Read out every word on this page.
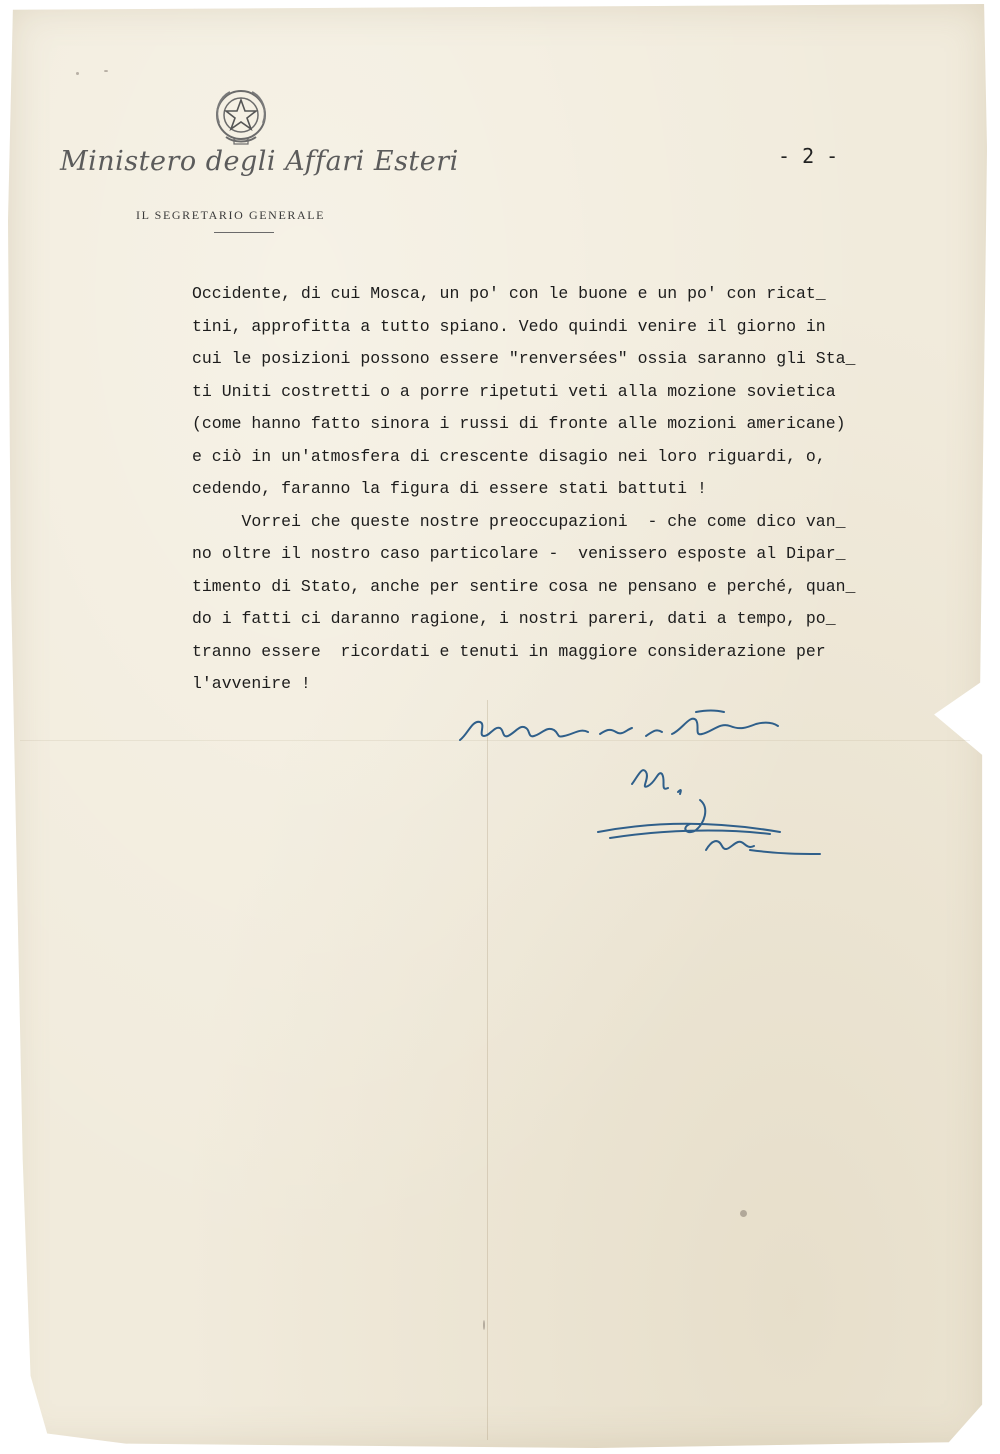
Ministero degli Affari Esteri
IL SEGRETARIO GENERALE
- 2 -
Occidente, di cui Mosca, un po' con le buone e un po' con ricat_
tini, approfitta a tutto spiano. Vedo quindi venire il giorno in
cui le posizioni possono essere "renversées" ossia saranno gli Sta_
ti Uniti costretti o a porre ripetuti veti alla mozione sovietica
(come hanno fatto sinora i russi di fronte alle mozioni americane)
e ciò in un'atmosfera di crescente disagio nei loro riguardi, o,
cedendo, faranno la figura di essere stati battuti !
Vorrei che queste nostre preoccupazioni  - che come dico van_
no oltre il nostro caso particolare -  venissero esposte al Dipar_
timento di Stato, anche per sentire cosa ne pensano e perché, quan_
do i fatti ci daranno ragione, i nostri pareri, dati a tempo, po_
tranno essere  ricordati e tenuti in maggiore considerazione per
l'avvenire !
